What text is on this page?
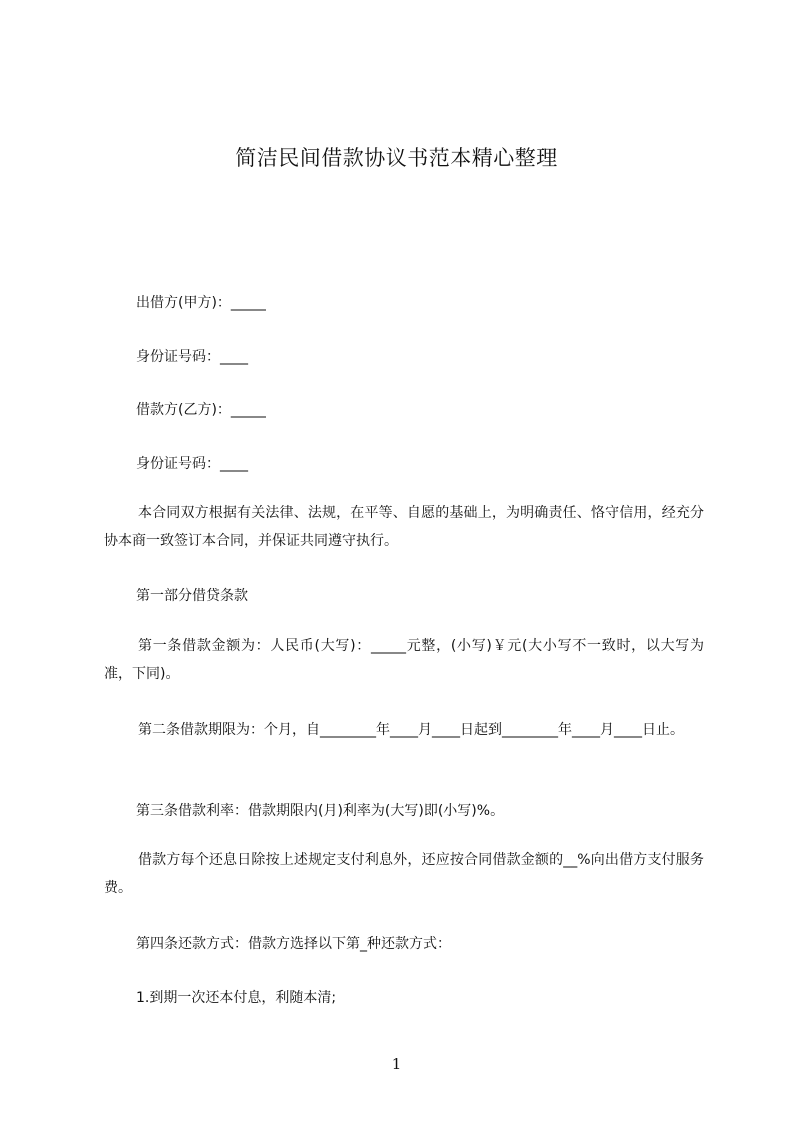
简洁民间借款协议书范本精心整理
出借方(甲方)：_____
身份证号码：____
借款方(乙方)：_____
身份证号码：____
本合同双方根据有关法律、法规，在平等、自愿的基础上，为明确责任、恪守信用，经充分协本商一致签订本合同，并保证共同遵守执行。
第一部分借贷条款
第一条借款金额为：人民币(大写)：_____元整，(小写)￥元(大小写不一致时，以大写为准，下同)。
第二条借款期限为：个月，自________年____月____日起到________年____月____日止。
第三条借款利率：借款期限内(月)利率为(大写)即(小写)%。
借款方每个还息日除按上述规定支付利息外，还应按合同借款金额的__%向出借方支付服务费。
第四条还款方式：借款方选择以下第_种还款方式：
1.到期一次还本付息，利随本清;
1
